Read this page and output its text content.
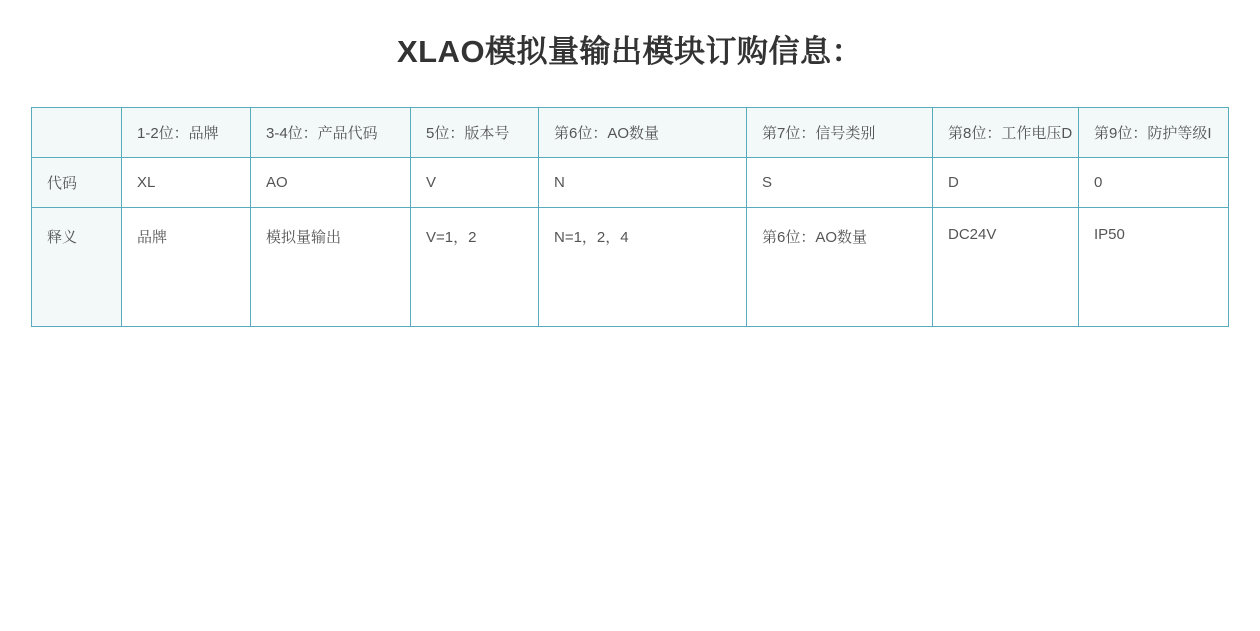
XLAO模拟量输出模块订购信息：
	1-2位：品牌	3-4位：产品代码	5位：版本号	第6位：AO数量	第7位：信号类别	第8位：工作电压D	第9位：防护等级I
代码	XL	AO	V	N	S	D	0
释义	品牌	模拟量输出	V=1，2	N=1，2，4	第6位：AO数量	DC24V	IP50
